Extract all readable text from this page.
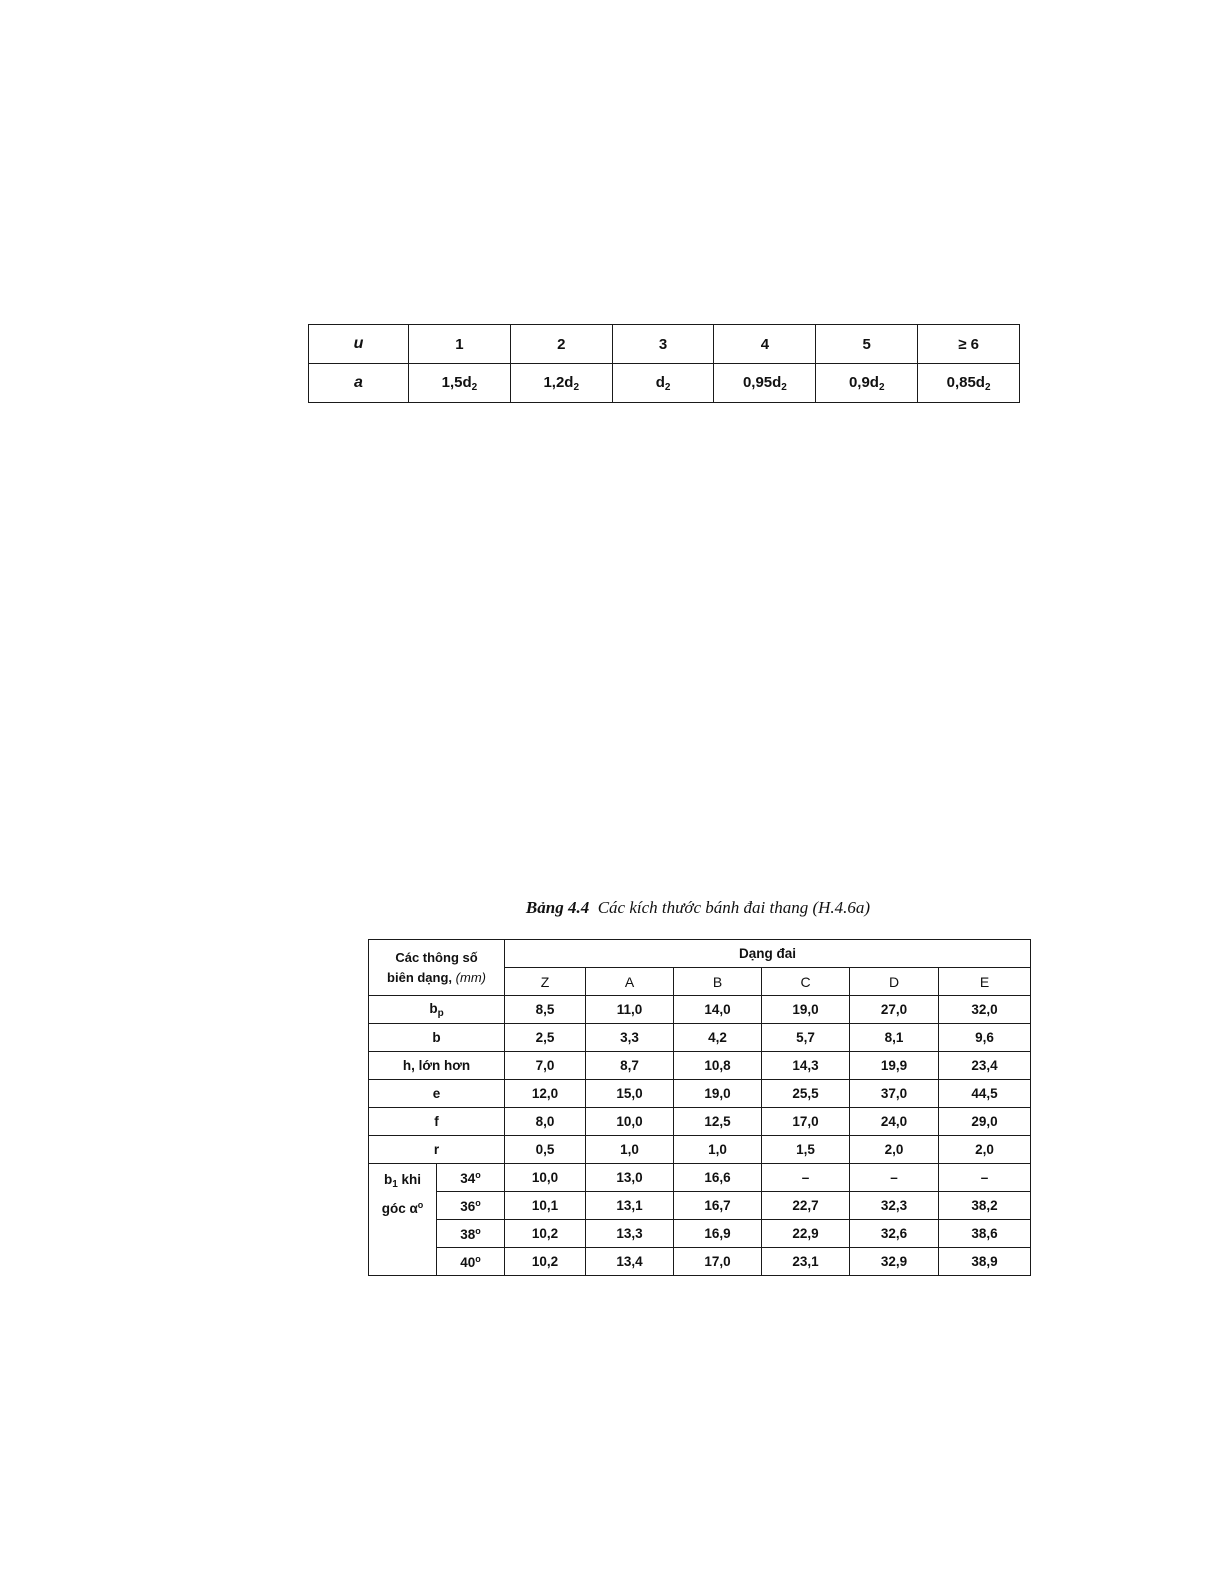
u	1	2	3	4	5	≥ 6
a	$1,5d_2$	$1,2d_2$	$d_2$	$0,95d_2$	$0,9d_2$	$0,85d_2$
Bảng 4.4 Các kích thước bánh đai thang (H.4.6a)
Các thông số
biên dạng, (mm)		Dạng đai					
		Z	A	B	C	D	E
$b_p$		8,5	11,0	14,0	19,0	27,0	32,0
b		2,5	3,3	4,2	5,7	8,1	9,6
h, lớn hơn		7,0	8,7	10,8	14,3	19,9	23,4
e		12,0	15,0	19,0	25,5	37,0	44,5
f		8,0	10,0	12,5	17,0	24,0	29,0
r		0,5	1,0	1,0	1,5	2,0	2,0
$b_1$ khi
góc $\alpha^o$	34$^o$	10,0	13,0	16,6	–	–	–
	36$^o$	10,1	13,1	16,7	22,7	32,3	38,2
	38$^o$	10,2	13,3	16,9	22,9	32,6	38,6
	40$^o$	10,2	13,4	17,0	23,1	32,9	38,9
